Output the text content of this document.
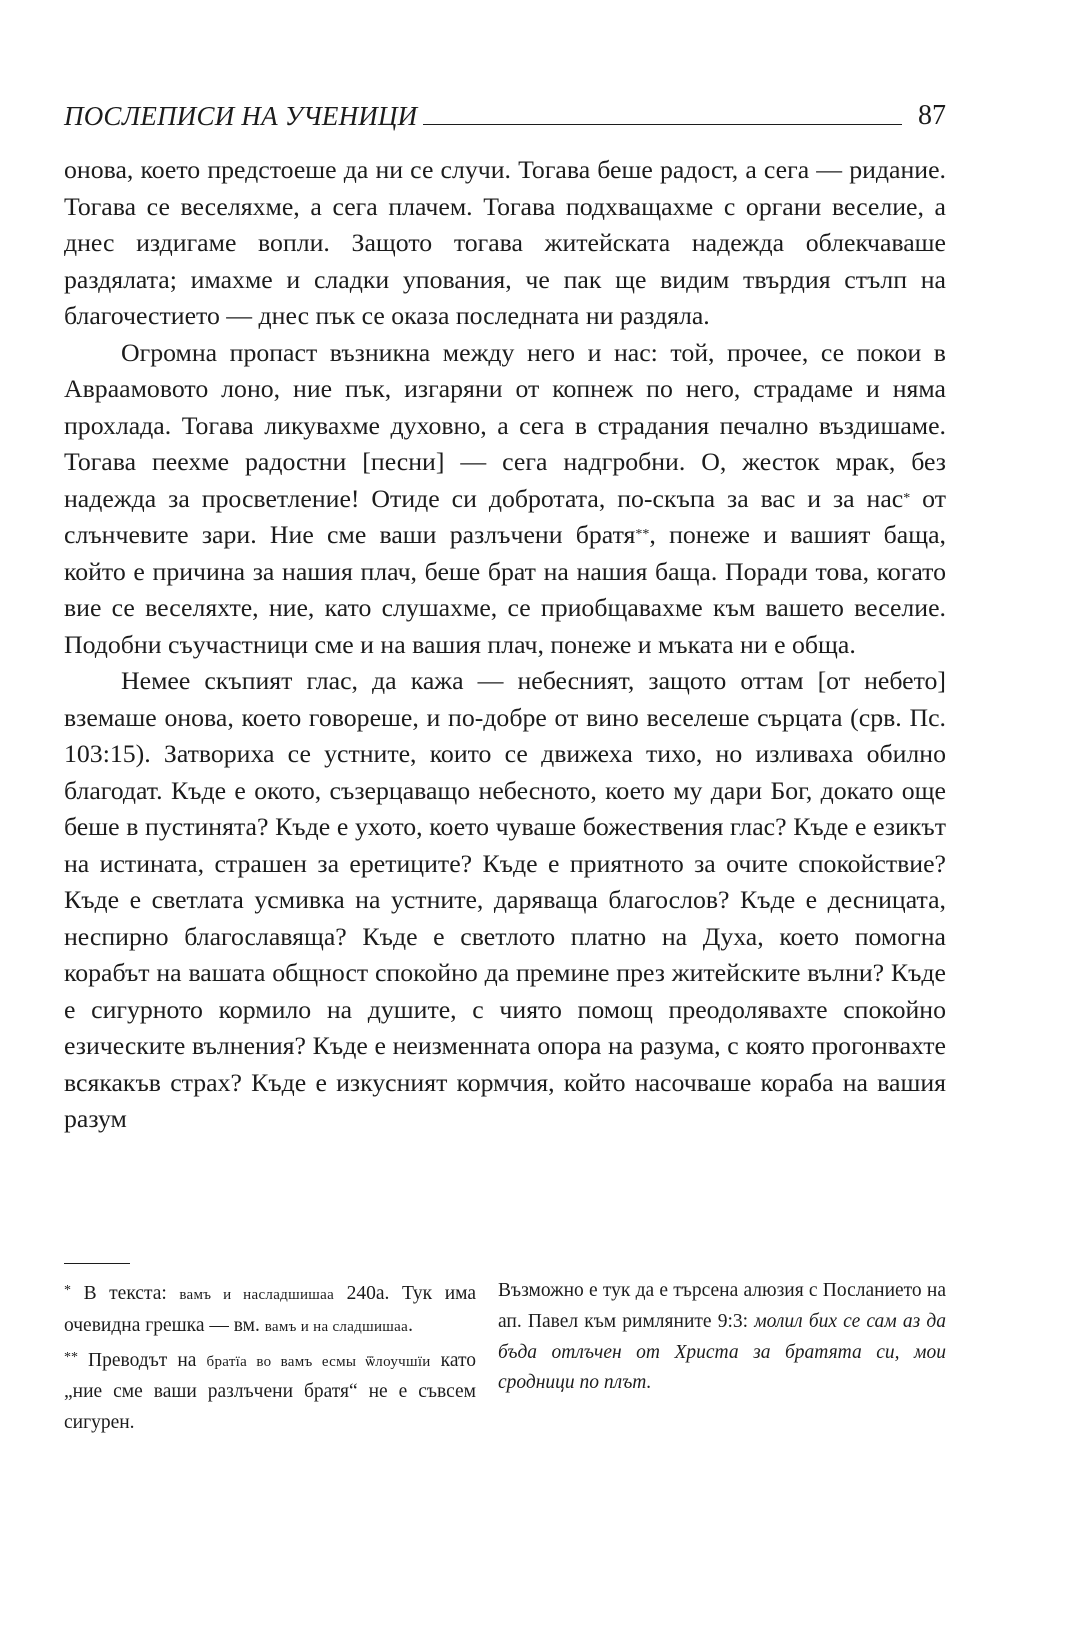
ПОСЛЕПИСИ НА УЧЕНИЦИ	87

онова, което предстоеше да ни се случи. Тогава беше радост, а сега — ридание. Тогава се веселяхме, а сега плачем. Тогава подхващахме с органи веселие, а днес издигаме вопли. Защото тогава житейската надежда облекчаваше раздялата; имахме и сладки упования, че пак ще видим твърдия стълп на благочестието — днес пък се оказа последната ни раздяла.

Огромна пропаст възникна между него и нас: той, прочее, се покои в Авраамовото лоно, ние пък, изгаряни от копнеж по него, страдаме и няма прохлада. Тогава ликувахме духовно, а сега в страдания печално въздишаме. Тогава пеехме радостни [песни] — сега надгробни. О, жесток мрак, без надежда за просветление! Отиде си добротата, по-скъпа за вас и за нас* от слънчевите зари. Ние сме ваши разлъчени братя**, понеже и вашият баща, който е причина за нашия плач, беше брат на нашия баща. Поради това, когато вие се веселяхте, ние, като слушахме, се приобщавахме към вашето веселие. Подобни съучастници сме и на вашия плач, понеже и мъката ни е обща.

Немее скъпият глас, да кажа — небесният, защото оттам [от небето] вземаше онова, което говореше, и по-добре от вино веселеше сърцата (срв. Пс. 103:15). Затвориха се устните, които се движеха тихо, но изливаха обилно благодат. Къде е окото, съзерцаващо небесното, което му дари Бог, докато още беше в пустинята? Къде е ухото, което чуваше божествения глас? Къде е езикът на истината, страшен за еретиците? Къде е приятното за очите спокойствие? Къде е светлата усмивка на устните, даряваща благослов? Къде е десницата, неспирно благославяща? Къде е светлото платно на Духа, което помогна корабът на вашата общност спокойно да премине през житейските вълни? Къде е сигурното кормило на душите, с чиято помощ преодолявахте спокойно езическите вълнения? Къде е неизменната опора на разума, с която прогонвахте всякакъв страх? Къде е изкусният кормчия, който насочваше кораба на вашия разум

* В текста: вамъ и насладшишаа 240а. Тук има очевидна грешка — вм. вамъ и на сладшишаа.

** Преводът на братїа во вамъ есмы ѿлоучшїи като „ние сме ваши разлъчени братя“ не е съвсем сигурен.

Възможно е тук да е търсена алюзия с Посланието на ап. Павел към римляните 9:3: молил бих се сам аз да бъда отлъчен от Христа за братята си, мои сродници по плът.
